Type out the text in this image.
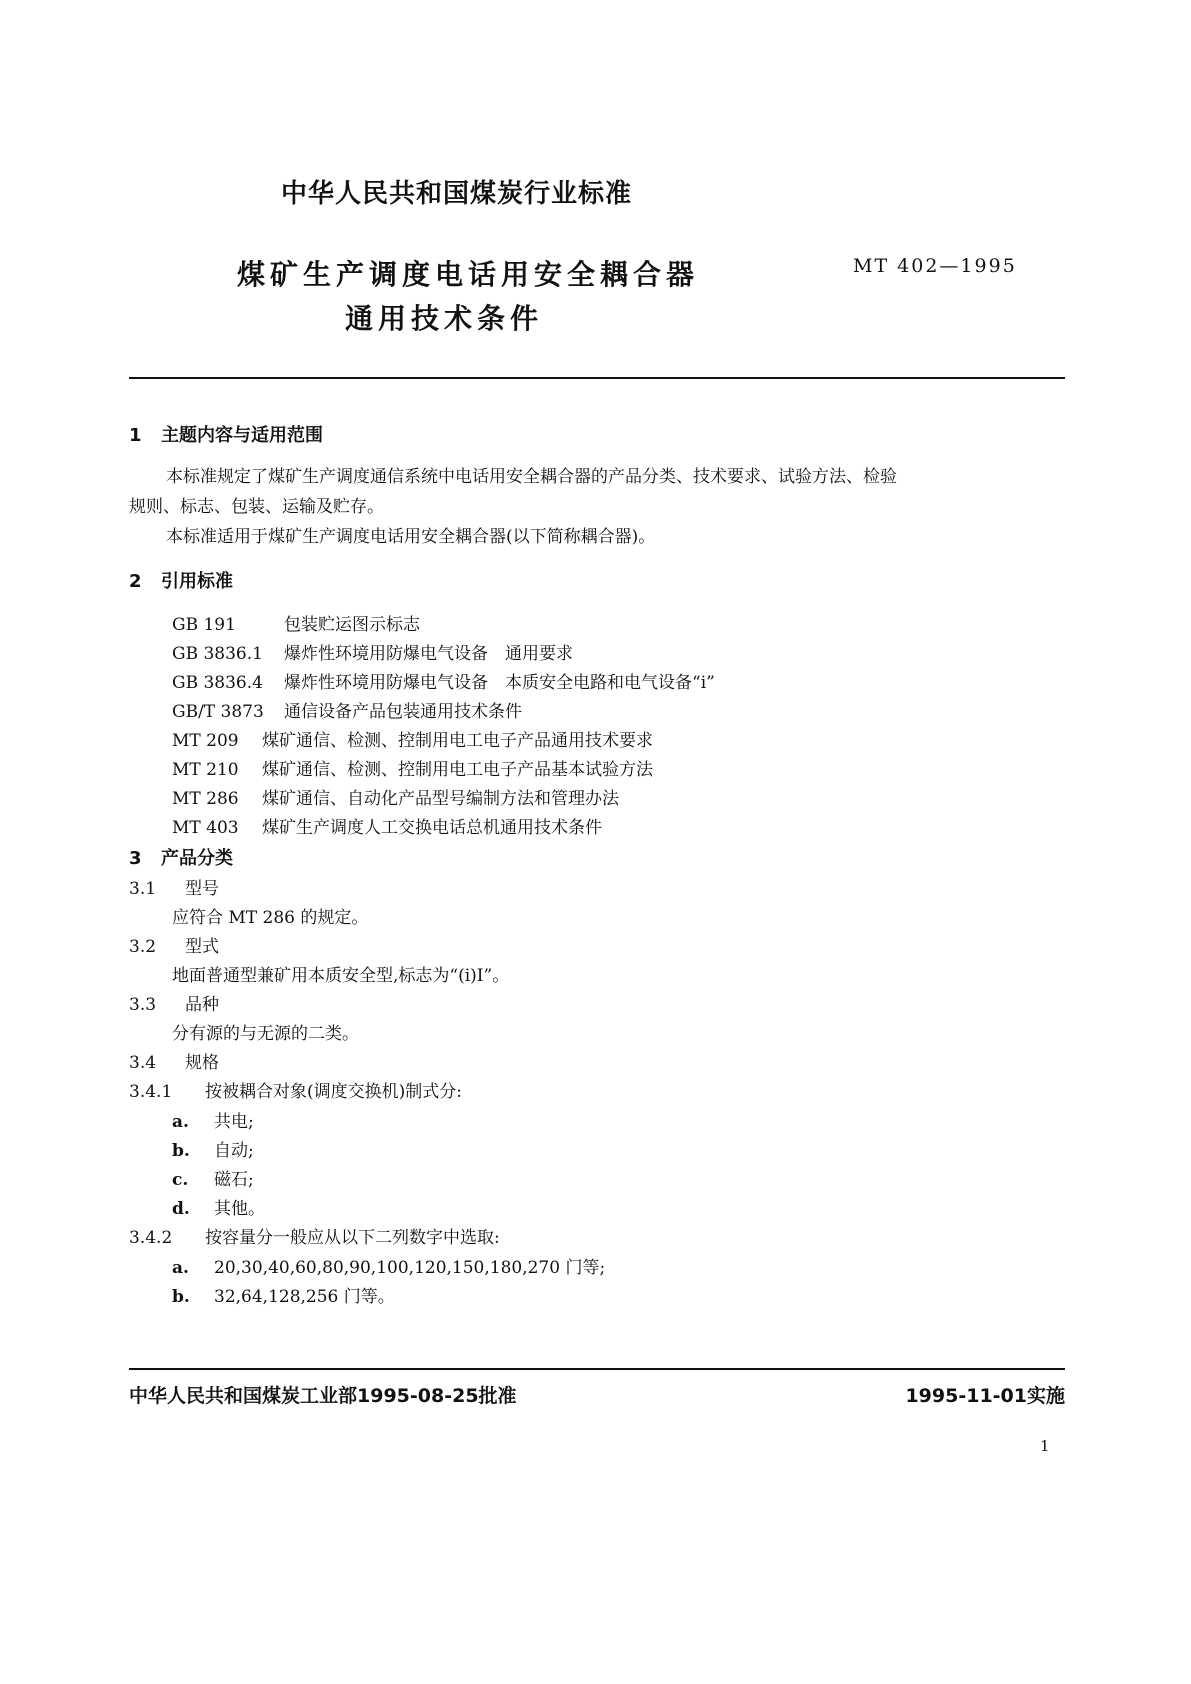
中华人民共和国煤炭行业标准
煤矿生产调度电话用安全耦合器
通用技术条件
MT 402—1995
1 主题内容与适用范围
本标准规定了煤矿生产调度通信系统中电话用安全耦合器的产品分类、技术要求、试验方法、检验
规则、标志、包装、运输及贮存。
本标准适用于煤矿生产调度电话用安全耦合器(以下简称耦合器)。
2 引用标准
GB 191	包装贮运图示标志
GB 3836.1 爆炸性环境用防爆电气设备　通用要求
GB 3836.4 爆炸性环境用防爆电气设备　本质安全电路和电气设备“i”
GB/T 3873 通信设备产品包装通用技术条件
MT 209 煤矿通信、检测、控制用电工电子产品通用技术要求
MT 210 煤矿通信、检测、控制用电工电子产品基本试验方法
MT 286 煤矿通信、自动化产品型号编制方法和管理办法
MT 403 煤矿生产调度人工交换电话总机通用技术条件
3 产品分类
3.1 型号
应符合 MT 286 的规定。
3.2 型式
地面普通型兼矿用本质安全型,标志为“(i)I”。
3.3 品种
分有源的与无源的二类。
3.4 规格
3.4.1 按被耦合对象(调度交换机)制式分:
a. 共电;
b. 自动;
c. 磁石;
d. 其他。
3.4.2 按容量分一般应从以下二列数字中选取:
a. 20,30,40,60,80,90,100,120,150,180,270 门等;
b. 32,64,128,256 门等。
中华人民共和国煤炭工业部1995-08-25批准	1995-11-01实施
1
